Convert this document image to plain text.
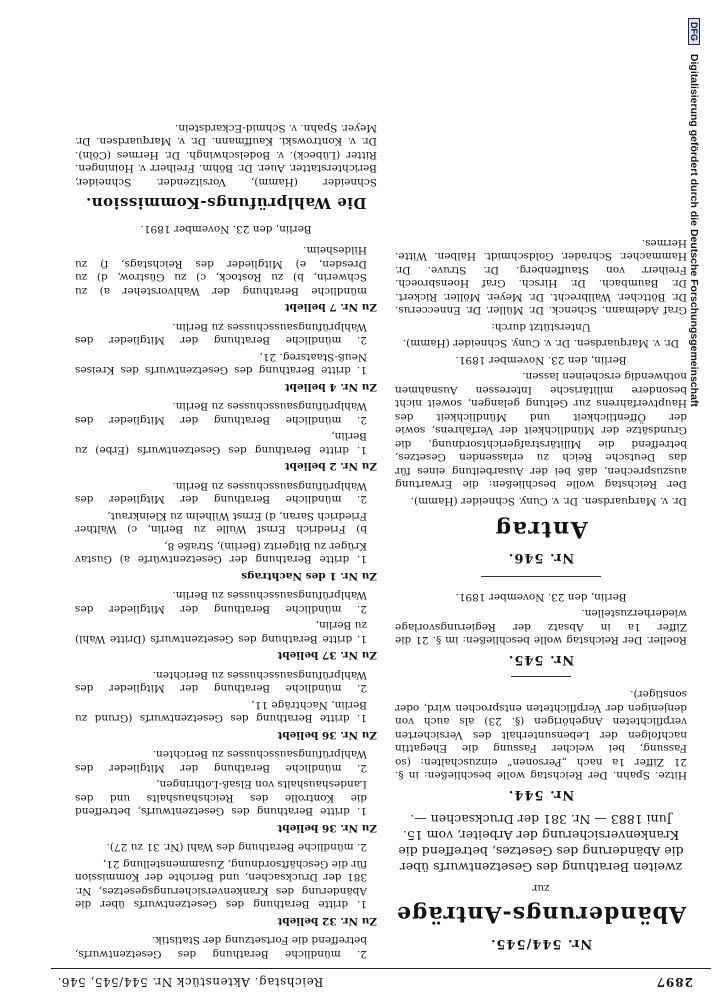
2897
Reichstag. Aktenstück Nr. 544/545, 546.
Nr. 544/545.
Abänderungs-Anträge
zur
zweiten Berathung des Gesetzentwurfs über die Abänderung des Gesetzes, betreffend die Krankenversicherung der Arbeiter, vom 15. Juni 1883 — Nr. 381 der Drucksachen —.
Nr. 544.

Hitze. Spahn. Der Reichstag wolle beschließen: in §. 21 Ziffer 1a nach „Personen“ einzuschalten: (so Fassung, bei welcher Fassung die Ehegattin nachfolgen der Lebensunterhalt des Versicherten verpflichteten Angehörigen (§. 23) als auch von denjenigen der Verpflichteten entsprochen wird, oder sonstiger).

Nr. 545.

Roeller. Der Reichstag wolle beschließen: im §. 21 die Ziffer 1a in Absatz der Regierungsvorlage wiederherzustellen.

Berlin, den 23. November 1891.

Nr. 546.
Antrag

Dr. v. Marquardsen. Dr. v. Cuny. Schneider (Hamm).

Der Reichstag wolle beschließen: die Erwartung auszusprechen, daß bei der Ausarbeitung eines für das Deutsche Reich zu erlassenden Gesetzes, betreffend die Militärstrafgerichtsordnung, die Grundsätze der Mündlichkeit der Verfahrens, sowie der Öffentlichkeit und Mündlichkeit des Hauptverfahrens zur Geltung gelangen, soweit nicht besondere militärische Interessen Ausnahmen nothwendig erscheinen lassen.

Berlin, den 23. November 1891.

Dr. v. Marquardsen. Dr. v. Cuny. Schneider (Hamm).

Unterstützt durch:

Graf Adelmann. Schenck. Dr. Müller. Dr. Enneccerus. Dr. Böttcher. Wallbrecht. Dr. Meyer. Möller. Rickert. Dr. Baumbach. Dr. Hirsch. Graf Hoensbroech. Freiherr von Stauffenberg. Dr. Struve. Dr. Hammacher. Schrader. Goldschmidt. Halben. Witte. Hermes.

2. mündliche Berathung des Gesetzentwurfs, betreffend die Fortsetzung der Statistik.

Zu Nr. 32 beliebt

1. dritte Berathung des Gesetzentwurfs über die Abänderung des Krankenversicherungsgesetzes, Nr. 381 der Drucksachen, und Berichte der Kommission für die Geschäftsordnung, Zusammenstellung 21,

2. mündliche Berathung des Wahl (Nr. 31 zu 27).

Zu Nr. 36 beliebt

1. dritte Berathung des Gesetzentwurfs, betreffend die Kontrolle des Reichshaushalts und des Landeshaushalts von Elsaß-Lothringen,

2. mündliche Berathung der Mitglieder des Wahlprüfungsausschusses zu Berichten.

Zu Nr. 36 beliebt

1. dritte Berathung des Gesetzentwurfs (Grund zu Berlin, Nachträge 11,

2. mündliche Berathung der Mitglieder des Wahlprüfungsausschusses zu Berichten.

Zu Nr. 37 beliebt

1. dritte Berathung des Gesetzentwurfs (Dritte Wahl) zu Berlin,

2. mündliche Berathung der Mitglieder des Wahlprüfungsausschusses zu Berlin.

Zu Nr. 1 des Nachtrags

1. dritte Berathung der Gesetzentwürfe a) Gustav Krüger zu Bitgeritz (Berlin), Straße 8,

b) Friedrich Ernst Wulle zu Berlin, c) Walther Friedrich Saran, d) Ernst Wilhelm zu Kleinkraut,

2. mündliche Berathung der Mitglieder des Wahlprüfungsausschusses zu Berlin.

Zu Nr. 2 beliebt

1. dritte Berathung des Gesetzentwurfs (Erbe) zu Berlin,

2. mündliche Berathung der Mitglieder des Wahlprüfungsausschusses zu Berlin.

Zu Nr. 4 beliebt

1. dritte Berathung des Gesetzentwurfs des Kreises Neuß-Staatsreg. 21,

2. mündliche Berathung der Mitglieder des Wahlprüfungsausschusses zu Berlin.

Zu Nr. 7 beliebt

mündliche Berathung der Wahlvorsteher a) zu Schwerin, b) zu Rostock, c) zu Güstrow, d) zu Dresden, e) Mitglieder des Reichstags, f) zu Hildesheim.

Berlin, den 23. November 1891.

Die Wahlprüfungs-Kommission.

Schneider (Hamm), Vorsitzender. Schneider, Berichterstatter. Auer. Dr. Böhm. Freiherr v. Hoiningen. Ritter (Lübeck). v. Bodelschwingh. Dr. Hermes (Cöln). Dr. v. Kontrowski. Kauffmann. Dr. v. Marquardsen. Dr. Meyer. Spahn. v. Schmid-Eckardstein.

DFG Digitalisierung gefördert durch die Deutsche Forschungsgemeinschaft
